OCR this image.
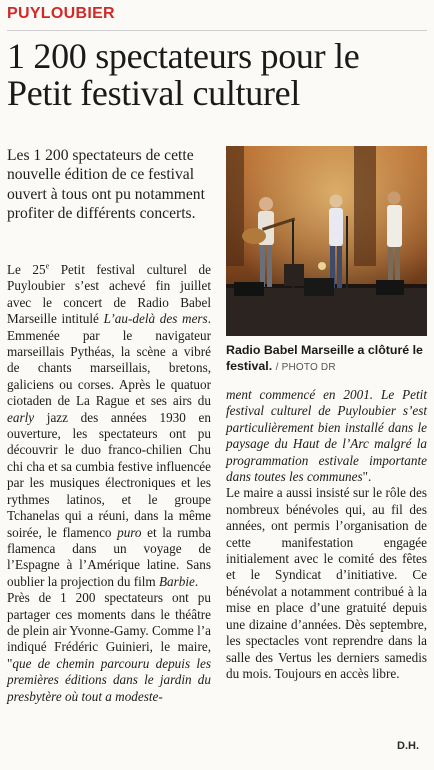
PUYLOUBIER
1 200 spectateurs pour le Petit festival culturel
Les 1 200 spectateurs de cette nouvelle édition de ce festival ouvert à tous ont pu notamment profiter de différents concerts.
Radio Babel Marseille a clôturé le festival. / PHOTO DR

Le 25e Petit festival culturel de Puyloubier s’est achevé fin juillet avec le concert de Radio Babel Marseille intitulé L’au-delà des mers. Emmenée par le navigateur marseillais Pythéas, la scène a vibré de chants marseillais, bretons, galiciens ou corses. Après le quatuor ciotaden de La Rague et ses airs du early jazz des années 1930 en ouverture, les spectateurs ont pu découvrir le duo franco-chilien Chu chi cha et sa cumbia festive influencée par les musiques électroniques et les rythmes latinos, et le groupe Tchanelas qui a réuni, dans la même soirée, le flamenco puro et la rumba flamenca dans un voyage de l’Espagne à l’Amérique latine. Sans oublier la projection du film Barbie.

Près de 1 200 spectateurs ont pu partager ces moments dans le théâtre de plein air Yvonne-Gamy. Comme l’a indiqué Frédéric Guinieri, le maire, "que de chemin parcouru depuis les premières éditions dans le jardin du presbytère où tout a modeste-

ment commencé en 2001. Le Petit festival culturel de Puyloubier s’est particulièrement bien installé dans le paysage du Haut de l’Arc malgré la programmation estivale importante dans toutes les communes".

Le maire a aussi insisté sur le rôle des nombreux bénévoles qui, au fil des années, ont permis l’organisation de cette manifestation engagée initialement avec le comité des fêtes et le Syndicat d’initiative. Ce bénévolat a notamment contribué à la mise en place d’une gratuité depuis une dizaine d’années. Dès septembre, les spectacles vont reprendre dans la salle des Vertus les derniers samedis du mois. Toujours en accès libre.

D.H.
